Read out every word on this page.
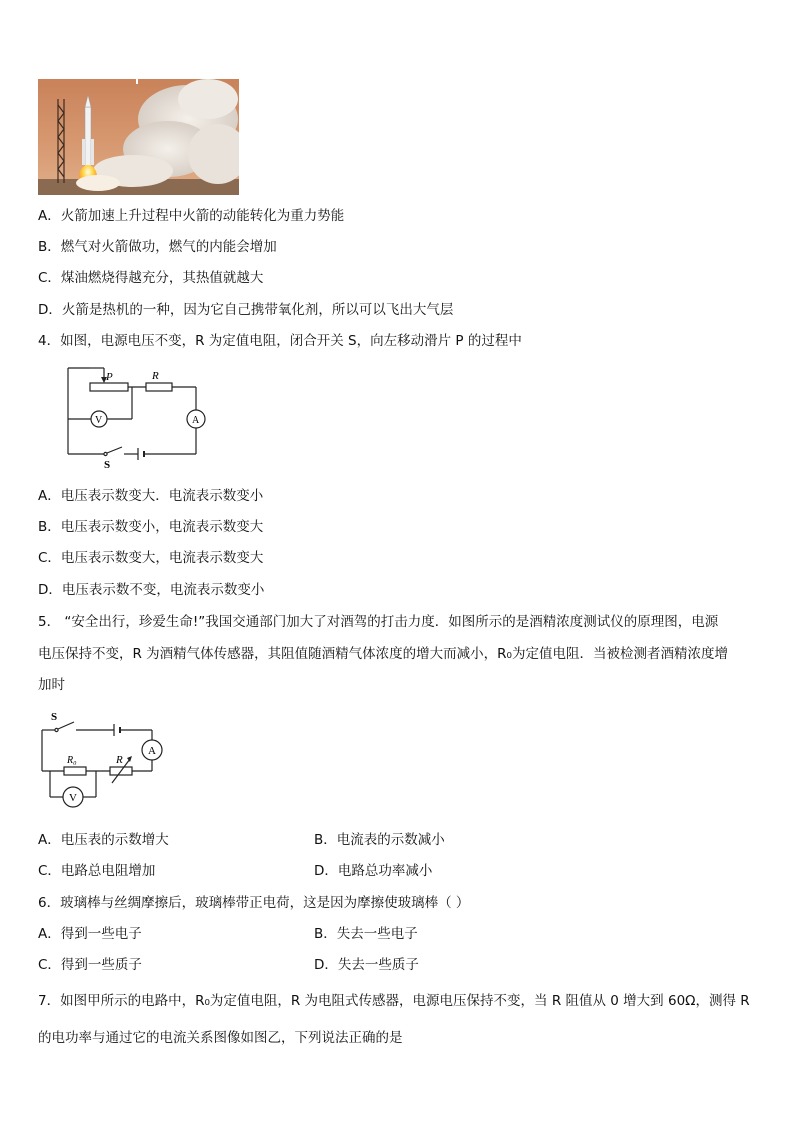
A．火箭加速上升过程中火箭的动能转化为重力势能
B．燃气对火箭做功，燃气的内能会增加
C．煤油燃烧得越充分，其热值就越大
D．火箭是热机的一种，因为它自己携带氧化剂，所以可以飞出大气层
4．如图，电源电压不变，R 为定值电阻，闭合开关 S，向左移动滑片 P 的过程中
P	R
V	A
S
A．电压表示数变大．电流表示数变小
B．电压表示数变小，电流表示数变大
C．电压表示数变大，电流表示数变大
D．电压表示数不变，电流表示数变小
5． “安全出行，珍爱生命!”我国交通部门加大了对酒驾的打击力度．如图所示的是酒精浓度测试仪的原理图，电源
电压保持不变，R 为酒精气体传感器，其阻值随酒精气体浓度的增大而减小，R₀为定值电阻．当被检测者酒精浓度增
加时
S
A
R₀	R
V
A．电压表的示数增大	B．电流表的示数减小
C．电路总电阻增加	D．电路总功率减小
6．玻璃棒与丝绸摩擦后，玻璃棒带正电荷，这是因为摩擦使玻璃棒（ ）
A．得到一些电子	B．失去一些电子
C．得到一些质子	D．失去一些质子
7．如图甲所示的电路中，R₀为定值电阻，R 为电阻式传感器，电源电压保持不变，当 R 阻值从 0 增大到 60Ω，测得 R
的电功率与通过它的电流关系图像如图乙，下列说法正确的是
